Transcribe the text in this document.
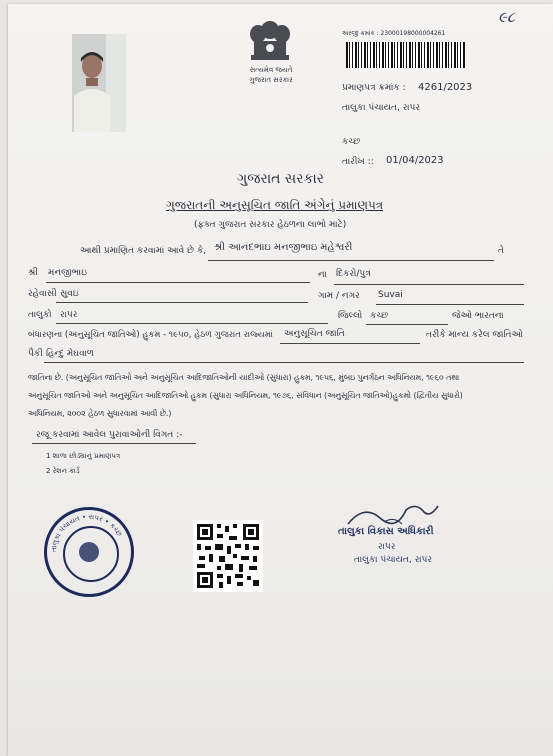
૯૮
સત્યમેવ જયતે
ગુજરાત સરકાર
અરજી ક્રમાંક : 23000198000004261
પ્રમાણપત્ર ક્રમાંક : 4261/2023
તાલુકા પંચાયત, રાપર
કચ્છ
તારીખ :: 01/04/2023
ગુજરાત સરકાર
ગુજરાતની અનુસૂચિત જાતિ અંગેનું પ્રમાણપત્ર
(ફક્ત ગુજરાત સરકાર હેઠળના લાભો માટે)
આથી પ્રમાણિત કરવામાં આવે છે કે, શ્રી આનંદભાઇ મનજીભાઇ મહેશ્વરી	તે
શ્રી મનજીભાઇ	ના દિકરો/પુત્ર
રહેવાસી સુવઇ	ગામ / નગર Suvai
તાલુકો રાપર	જિલ્લો કચ્છ	જેઓ ભારતના
બંધારણના (અનુસૂચિત જાતિઓ) હુકમ - ૧૯૫૦, હેઠળ ગુજરાત રાજ્યમાં અનુસૂચિત જાતિ	તરીકે માન્ય કરેલ જાતિઓ
પૈકી હિન્દુ મેઘવાળ
જાતિના છે. (અનુસૂચિત જાતિઓ અને અનુસૂચિત આદિજાતિઓની યાદીઓ (સુધારા) હુકમ, ૧૯૫૬, મુંબઇ પુનર્ગઠન અધિનિયમ, ૧૯૬૦ તથા
અનુસૂચિત જાતિઓ અને અનુસૂચિત આદિજાતિઓ હુકમ (સુધારા અધિનિયમ, ૧૯૭૬, સંવિધાન (અનુસૂચિત જાતિઓ)હુકમો (દ્વિતીય સુધારો)
અધિનિયમ, ૨૦૦૨ હેઠળ સુધારવામાં આવી છે.)
રજૂ કરવામાં આવેલ પુરાવાઓની વિગત :-
1 શાળા છોડ્યાનું પ્રમાણપત્ર
2 રેશન કાર્ડ
તાલુકા પંચાયત • રાપર • કચ્છ	તાલુકા વિકાસ અધિકારી
રાપર
તાલુકા પંચાયત, રાપર
